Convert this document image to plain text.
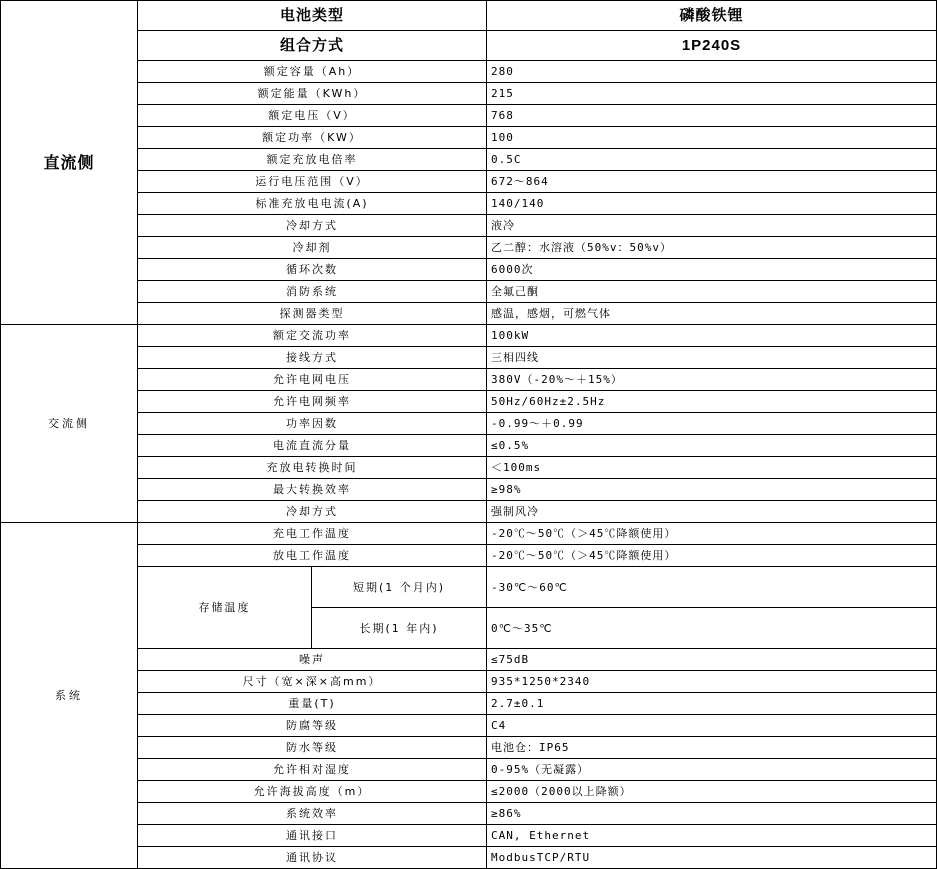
直流侧	电池类型		磷酸铁锂
	组合方式		1P240S
	额定容量（Ah）		280
	额定能量（KWh）		215
	额定电压（V）		768
	额定功率（KW）		100
	额定充放电倍率		0.5C
	运行电压范围（V）		672～864
	标准充放电电流(A)		140/140
	冷却方式		液冷
	冷却剂		乙二醇：水溶液（50%v：50%v）
	循环次数		6000次
	消防系统		全氟己酮
	探测器类型		感温，感烟，可燃气体
交流侧	额定交流功率		100kW
	接线方式		三相四线
	允许电网电压		380V（-20%～＋15%）
	允许电网频率		50Hz/60Hz±2.5Hz
	功率因数		-0.99～＋0.99
	电流直流分量		≤0.5%
	充放电转换时间		＜100ms
	最大转换效率		≥98%
	冷却方式		强制风冷
系统	充电工作温度		-20℃～50℃（＞45℃降额使用）
	放电工作温度		-20℃～50℃（＞45℃降额使用）
	存储温度	短期(1 个月内)	-30℃～60℃
		长期(1 年内)	0℃～35℃
	噪声		≤75dB
	尺寸（宽×深×高mm）		935*1250*2340
	重量(T)		2.7±0.1
	防腐等级		C4
	防水等级		电池仓：IP65
	允许相对湿度		0-95%（无凝露）
	允许海拔高度（m）		≤2000（2000以上降额）
	系统效率		≥86%
	通讯接口		CAN, Ethernet
	通讯协议		ModbusTCP/RTU
